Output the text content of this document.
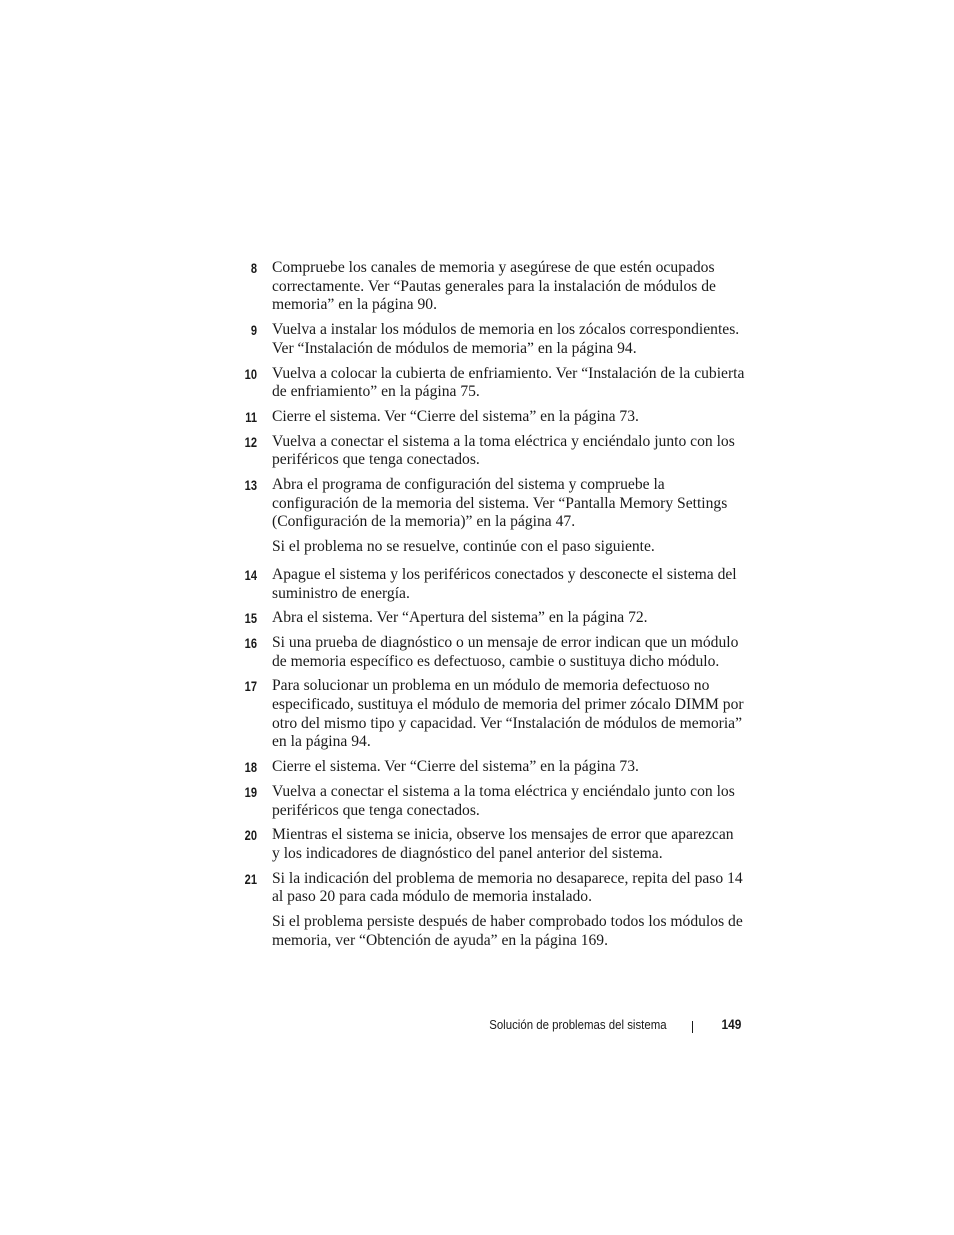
8 Compruebe los canales de memoria y asegúrese de que estén ocupados correctamente. Ver “Pautas generales para la instalación de módulos de memoria” en la página 90.

9 Vuelva a instalar los módulos de memoria en los zócalos correspondientes. Ver “Instalación de módulos de memoria” en la página 94.

10 Vuelva a colocar la cubierta de enfriamiento. Ver “Instalación de la cubierta de enfriamiento” en la página 75.

11 Cierre el sistema. Ver “Cierre del sistema” en la página 73.

12 Vuelva a conectar el sistema a la toma eléctrica y enciéndalo junto con los periféricos que tenga conectados.

13 Abra el programa de configuración del sistema y compruebe la configuración de la memoria del sistema. Ver “Pantalla Memory Settings (Configuración de la memoria)” en la página 47.

Si el problema no se resuelve, continúe con el paso siguiente.

14 Apague el sistema y los periféricos conectados y desconecte el sistema del suministro de energía.

15 Abra el sistema. Ver “Apertura del sistema” en la página 72.

16 Si una prueba de diagnóstico o un mensaje de error indican que un módulo de memoria específico es defectuoso, cambie o sustituya dicho módulo.

17 Para solucionar un problema en un módulo de memoria defectuoso no especificado, sustituya el módulo de memoria del primer zócalo DIMM por otro del mismo tipo y capacidad. Ver “Instalación de módulos de memoria” en la página 94.

18 Cierre el sistema. Ver “Cierre del sistema” en la página 73.

19 Vuelva a conectar el sistema a la toma eléctrica y enciéndalo junto con los periféricos que tenga conectados.

20 Mientras el sistema se inicia, observe los mensajes de error que aparezcan y los indicadores de diagnóstico del panel anterior del sistema.

21 Si la indicación del problema de memoria no desaparece, repita del paso 14 al paso 20 para cada módulo de memoria instalado.

Si el problema persiste después de haber comprobado todos los módulos de memoria, ver “Obtención de ayuda” en la página 169.

Solución de problemas del sistema	149
